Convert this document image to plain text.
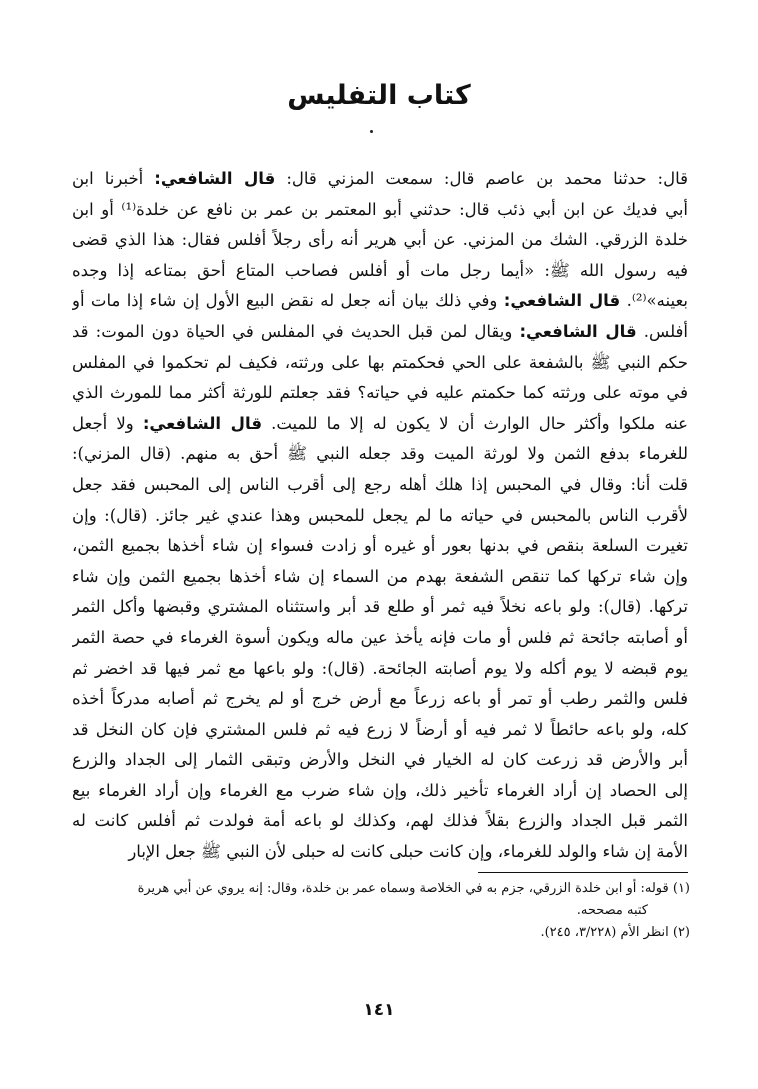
كتاب التفليس
قال: حدثنا محمد بن عاصم قال: سمعت المزني قال: قال الشافعي: أخبرنا ابن
أبي فديك عن ابن أبي ذئب قال: حدثني أبو المعتمر بن عمر بن نافع عن خلدة⁽¹⁾ أو ابن
خلدة الزرقي. الشك من المزني. عن أبي هرير أنه رأى رجلاً أفلس فقال: هذا الذي قضى
فيه رسول الله ﷺ: «أيما رجل مات أو أفلس فصاحب المتاع أحق بمتاعه إذا وجده
بعينه»⁽²⁾. قال الشافعي: وفي ذلك بيان أنه جعل له نقض البيع الأول إن شاء إذا مات أو
أفلس. قال الشافعي: ويقال لمن قبل الحديث في المفلس في الحياة دون الموت: قد
حكم النبي ﷺ بالشفعة على الحي فحكمتم بها على ورثته، فكيف لم تحكموا في المفلس
في موته على ورثته كما حكمتم عليه في حياته؟ فقد جعلتم للورثة أكثر مما للمورث الذي
عنه ملكوا وأكثر حال الوارث أن لا يكون له إلا ما للميت. قال الشافعي: ولا أجعل
للغرماء بدفع الثمن ولا لورثة الميت وقد جعله النبي ﷺ أحق به منهم. (قال المزني):
قلت أنا: وقال في المحبس إذا هلك أهله رجع إلى أقرب الناس إلى المحبس فقد جعل
لأقرب الناس بالمحبس في حياته ما لم يجعل للمحبس وهذا عندي غير جائز. (قال): وإن
تغيرت السلعة بنقص في بدنها بعور أو غيره أو زادت فسواء إن شاء أخذها بجميع الثمن،
وإن شاء تركها كما تنقص الشفعة بهدم من السماء إن شاء أخذها بجميع الثمن وإن شاء
تركها. (قال): ولو باعه نخلاً فيه ثمر أو طلع قد أبر واستثناه المشتري وقبضها وأكل الثمر
أو أصابته جائحة ثم فلس أو مات فإنه يأخذ عين ماله ويكون أسوة الغرماء في حصة الثمر
يوم قبضه لا يوم أكله ولا يوم أصابته الجائحة. (قال): ولو باعها مع ثمر فيها قد اخضر ثم
فلس والثمر رطب أو تمر أو باعه زرعاً مع أرض خرج أو لم يخرج ثم أصابه مدركاً أخذه
كله، ولو باعه حائطاً لا ثمر فيه أو أرضاً لا زرع فيه ثم فلس المشتري فإن كان النخل قد
أبر والأرض قد زرعت كان له الخيار في النخل والأرض وتبقى الثمار إلى الجداد والزرع
إلى الحصاد إن أراد الغرماء تأخير ذلك، وإن شاء ضرب مع الغرماء وإن أراد الغرماء بيع
الثمر قبل الجداد والزرع بقلاً فذلك لهم، وكذلك لو باعه أمة فولدت ثم أفلس كانت له
الأمة إن شاء والولد للغرماء، وإن كانت حبلى كانت له حبلى لأن النبي ﷺ جعل الإبار
(١) قوله: أو ابن خلدة الزرقي، جزم به في الخلاصة وسماه عمر بن خلدة، وقال: إنه يروي عن أبي هريرة
كتبه مصححه.
(٢) انظر الأم (٣/٢٢٨، ٢٤٥).
١٤١
